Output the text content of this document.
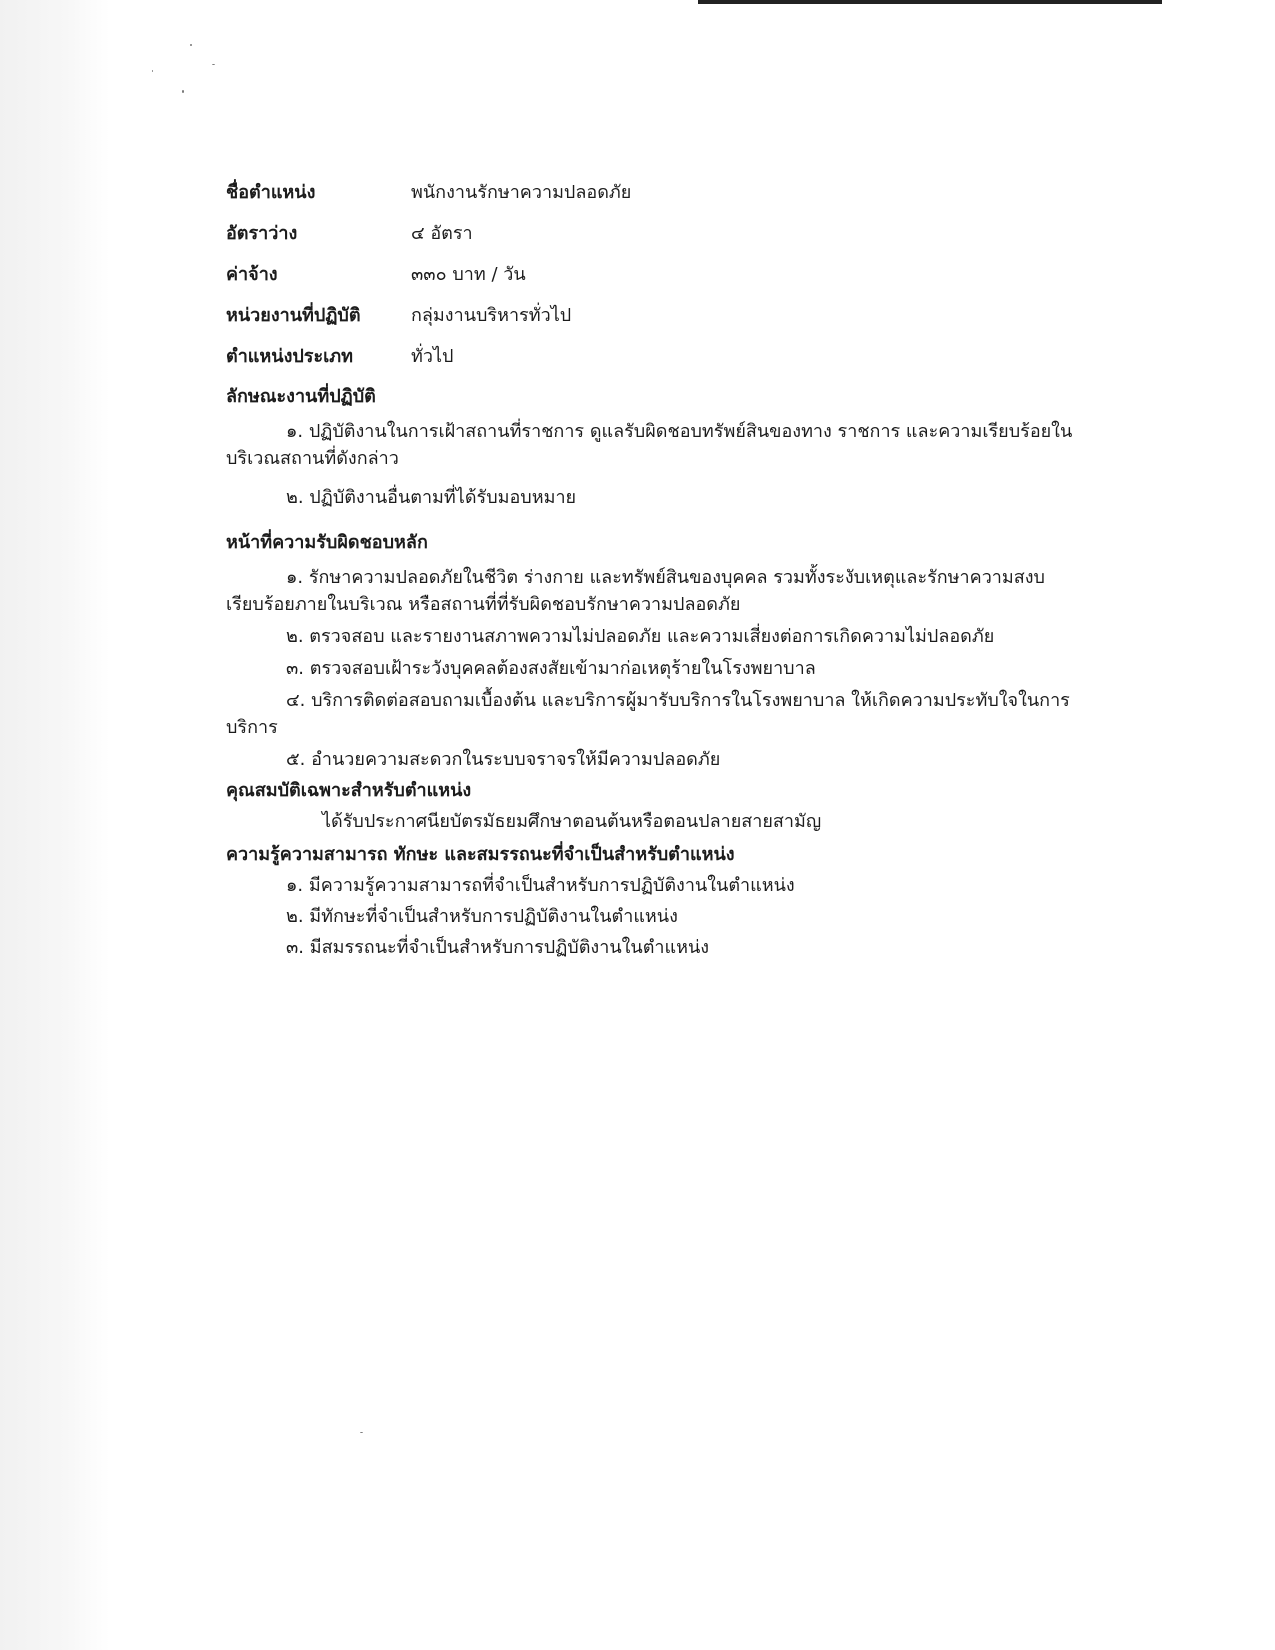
ชื่อตำแหน่ง	พนักงานรักษาความปลอดภัย
อัตราว่าง	๔ อัตรา
ค่าจ้าง	๓๓๐ บาท / วัน
หน่วยงานที่ปฏิบัติ	กลุ่มงานบริหารทั่วไป
ตำแหน่งประเภท	ทั่วไป
ลักษณะงานที่ปฏิบัติ

๑. ปฏิบัติงานในการเฝ้าสถานที่ราชการ ดูแลรับผิดชอบทรัพย์สินของทาง ราชการ และความเรียบร้อยในบริเวณสถานที่ดังกล่าว

๒. ปฏิบัติงานอื่นตามที่ได้รับมอบหมาย

หน้าที่ความรับผิดชอบหลัก

๑. รักษาความปลอดภัยในชีวิต ร่างกาย และทรัพย์สินของบุคคล รวมทั้งระงับเหตุและรักษาความสงบเรียบร้อยภายในบริเวณ หรือสถานที่ที่รับผิดชอบรักษาความปลอดภัย

๒. ตรวจสอบ และรายงานสภาพความไม่ปลอดภัย และความเสี่ยงต่อการเกิดความไม่ปลอดภัย

๓. ตรวจสอบเฝ้าระวังบุคคลต้องสงสัยเข้ามาก่อเหตุร้ายในโรงพยาบาล

๔. บริการติดต่อสอบถามเบื้องต้น และบริการผู้มารับบริการในโรงพยาบาล ให้เกิดความประทับใจในการบริการ

๕. อำนวยความสะดวกในระบบจราจรให้มีความปลอดภัย

คุณสมบัติเฉพาะสำหรับตำแหน่ง

ได้รับประกาศนียบัตรมัธยมศึกษาตอนต้นหรือตอนปลายสายสามัญ

ความรู้ความสามารถ ทักษะ และสมรรถนะที่จำเป็นสำหรับตำแหน่ง

๑. มีความรู้ความสามารถที่จำเป็นสำหรับการปฏิบัติงานในตำแหน่ง

๒. มีทักษะที่จำเป็นสำหรับการปฏิบัติงานในตำแหน่ง

๓. มีสมรรถนะที่จำเป็นสำหรับการปฏิบัติงานในตำแหน่ง
